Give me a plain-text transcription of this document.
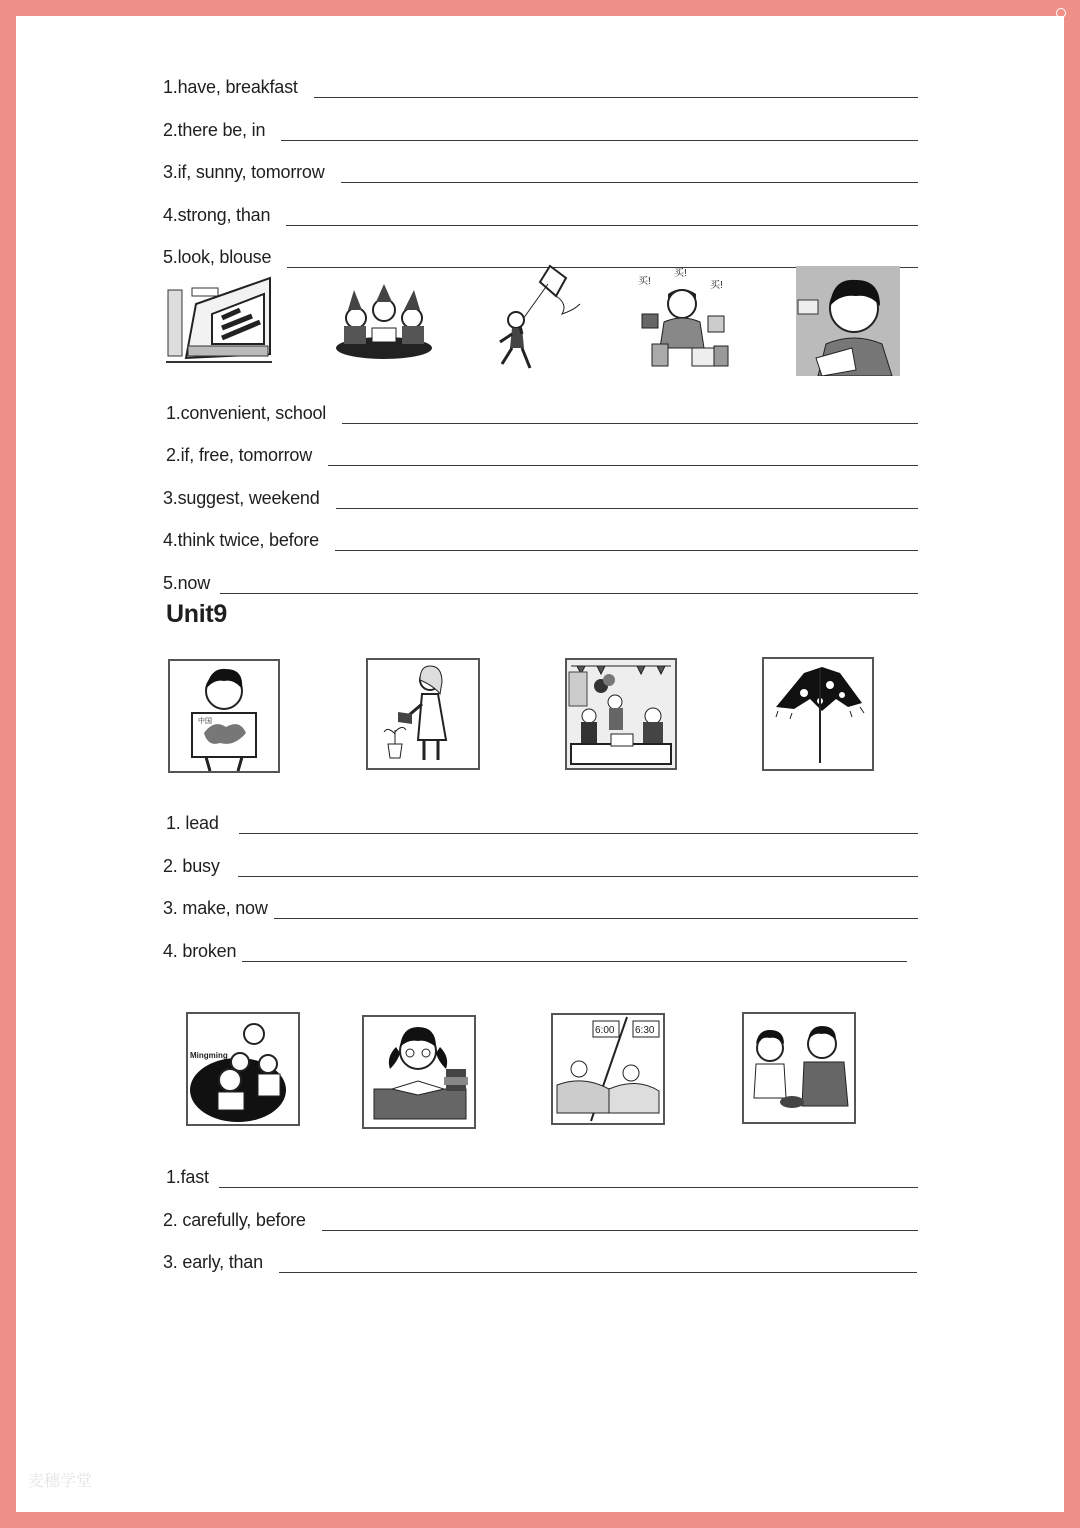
1.have, breakfast
2.there be, in
3.if, sunny, tomorrow
4.strong, than
5.look, blouse
买!
买!
买!
1.convenient, school
2.if, free, tomorrow
3.suggest, weekend
4.think twice, before
5.now
Unit9
中国
1. lead
2. busy
3. make, now
4. broken
Mingming
6:00 6:30
1.fast
2. carefully, before
3. early, than
麦穗学堂
